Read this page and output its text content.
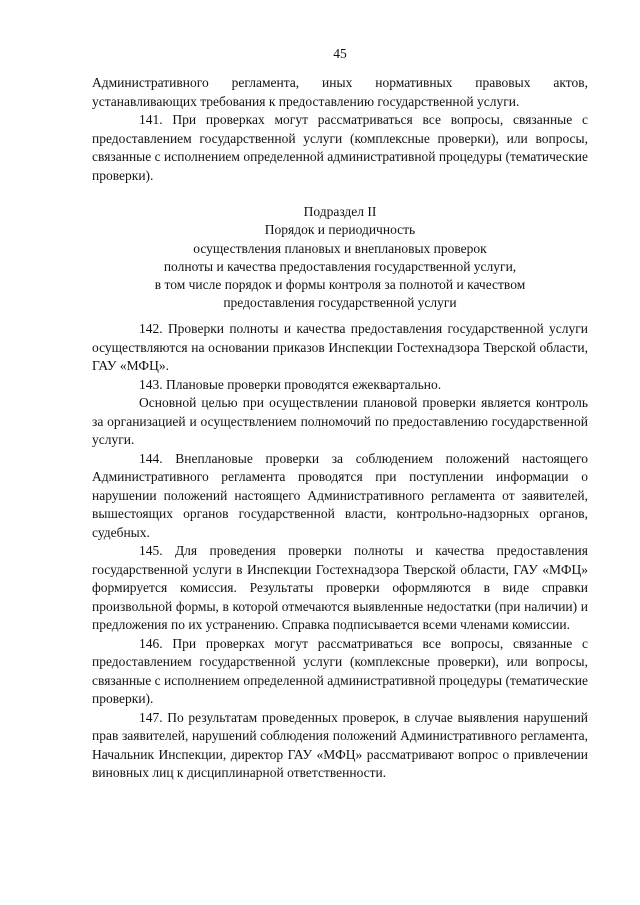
45

Административного регламента, иных нормативных правовых актов, устанавливающих требования к предоставлению государственной услуги.

141. При проверках могут рассматриваться все вопросы, связанные с предоставлением государственной услуги (комплексные проверки), или вопросы, связанные с исполнением определенной административной процедуры (тематические проверки).

Подраздел II
Порядок и периодичность
осуществления плановых и внеплановых проверок
полноты и качества предоставления государственной услуги,
в том числе порядок и формы контроля за полнотой и качеством
предоставления государственной услуги

142. Проверки полноты и качества предоставления государственной услуги осуществляются на основании приказов Инспекции Гостехнадзора Тверской области, ГАУ «МФЦ».

143. Плановые проверки проводятся ежеквартально.

Основной целью при осуществлении плановой проверки является контроль за организацией и осуществлением полномочий по предоставлению государственной услуги.

144. Внеплановые проверки за соблюдением положений настоящего Административного регламента проводятся при поступлении информации о нарушении положений настоящего Административного регламента от заявителей, вышестоящих органов государственной власти, контрольно-надзорных органов, судебных.

145. Для проведения проверки полноты и качества предоставления государственной услуги в Инспекции Гостехнадзора Тверской области, ГАУ «МФЦ» формируется комиссия. Результаты проверки оформляются в виде справки произвольной формы, в которой отмечаются выявленные недостатки (при наличии) и предложения по их устранению. Справка подписывается всеми членами комиссии.

146. При проверках могут рассматриваться все вопросы, связанные с предоставлением государственной услуги (комплексные проверки), или вопросы, связанные с исполнением определенной административной процедуры (тематические проверки).

147. По результатам проведенных проверок, в случае выявления нарушений прав заявителей, нарушений соблюдения положений Административного регламента, Начальник Инспекции, директор ГАУ «МФЦ» рассматривают вопрос о привлечении виновных лиц к дисциплинарной ответственности.
